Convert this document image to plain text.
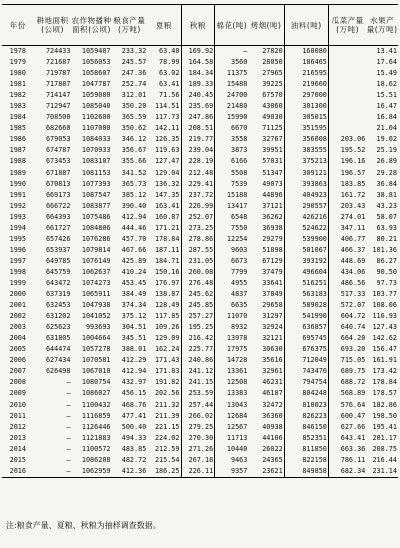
年份	耕地面积(公顷)	农作物播种面积(公顷)	粮食产量(万吨)	夏粮	秋粮	棉花(吨)	烤烟(吨)	油料(吨)	瓜菜产量(万吨)	水果产量(万吨)
1978	724433	1059407	233.32	63.40	169.92	—	27820	160080		13.41
1979	721687	1056053	245.57	78.99	164.58	3560	28050	186465		17.64
1980	719787	1058607	247.36	63.02	184.34	11375	27965	216595		15.49
1981	717887	1047787	252.74	63.41	189.33	15488	39225	219660		18.62
1982	714147	1059080	312.01	71.56	240.45	24700	67570	297000		15.51
1983	712947	1085040	350.20	114.51	235.69	21480	43060	301300		16.47
1984	708500	1102600	365.59	117.73	247.86	15990	49030	305015		16.84
1985	682660	1107000	350.62	142.11	208.51	6670	71125	351595		21.04
1986	679053	1084033	346.12	126.35	219.77	3558	32767	356008	203.06	19.02
1987	674787	1070933	356.67	119.63	239.04	3873	39951	383555	195.52	25.19
1988	673453	1083107	355.66	127.47	228.19	6166	57031	375213	196.16	26.89
1989	671887	1081153	341.52	129.04	212.48	5508	51347	309121	196.57	29.28
1990	670813	1077393	365.73	136.32	229.41	7539	49073	393863	183.85	36.84
1991	669173	1087547	385.12	147.35	237.72	15188	44896	404923	161.72	38.81
1992	666722	1083877	390.40	163.41	226.99	13417	37121	290557	203.43	43.23
1993	664393	1075486	412.94	160.87	252.07	6548	36262	426216	274.01	58.07
1994	661727	1084806	444.46	171.21	273.25	7550	36938	524622	347.11	63.93
1995	657426	1076286	457.70	178.84	278.86	12254	29279	539900	406.77	80.21
1996	653937	1079814	467.66	187.11	287.55	9603	51898	501067	466.37	101.36
1997	649785	1076149	425.89	184.71	231.05	6673	67129	393192	448.69	86.27
1998	645759	1062637	410.24	150.16	260.08	7799	37479	496604	434.06	90.50
1999	643472	1074273	453.45	176.97	276.48	4955	33641	516251	486.56	97.73
2000	637319	1065911	384.49	138.87	245.62	4837	37849	563183	517.33	103.77
2001	632453	1047938	374.34	128.49	245.85	6635	29658	589028	572.07	108.06
2002	631202	1041052	375.12	117.85	257.27	11070	31297	541990	604.72	116.93
2003	625623	993693	304.51	109.26	195.25	8932	32924	636857	640.74	127.43
2004	631805	1004664	345.51	129.09	216.42	13978	32121	695745	664.20	142.62
2005	644474	1057278	388.01	162.24	225.77	17975	30630	676375	693.20	156.47
2006	627434	1070581	412.29	171.43	240.86	14728	35616	712049	715.05	161.91
2007	626498	1067010	412.94	171.83	241.12	13361	32961	743470	689.75	173.42
2008	—	1080754	432.97	191.82	241.15	12508	46231	794754	688.72	178.84
2009	—	1086027	456.15	202.56	253.59	13383	46187	804248	568.89	178.57
2010	—	1100432	468.76	211.32	257.44	13043	32472	810023	576.64	182.86
2011	—	1116859	477.41	211.39	266.02	12684	36360	826223	600.47	198.50
2012	—	1126446	500.40	221.15	279.25	12567	40938	846150	627.66	195.41
2013	—	1121883	494.33	224.02	270.30	11713	44106	852351	643.41	201.17
2014	—	1100572	483.85	212.59	271.26	10440	26022	811850	663.36	208.75
2015	—	1086208	482.72	215.54	267.18	9463	24365	822158	786.11	216.44
2016	—	1062959	412.36	186.25	226.11	9357	23621	849858	682.34	231.14
注:粮食产量、夏粮、秋粮为抽样调查数据。
